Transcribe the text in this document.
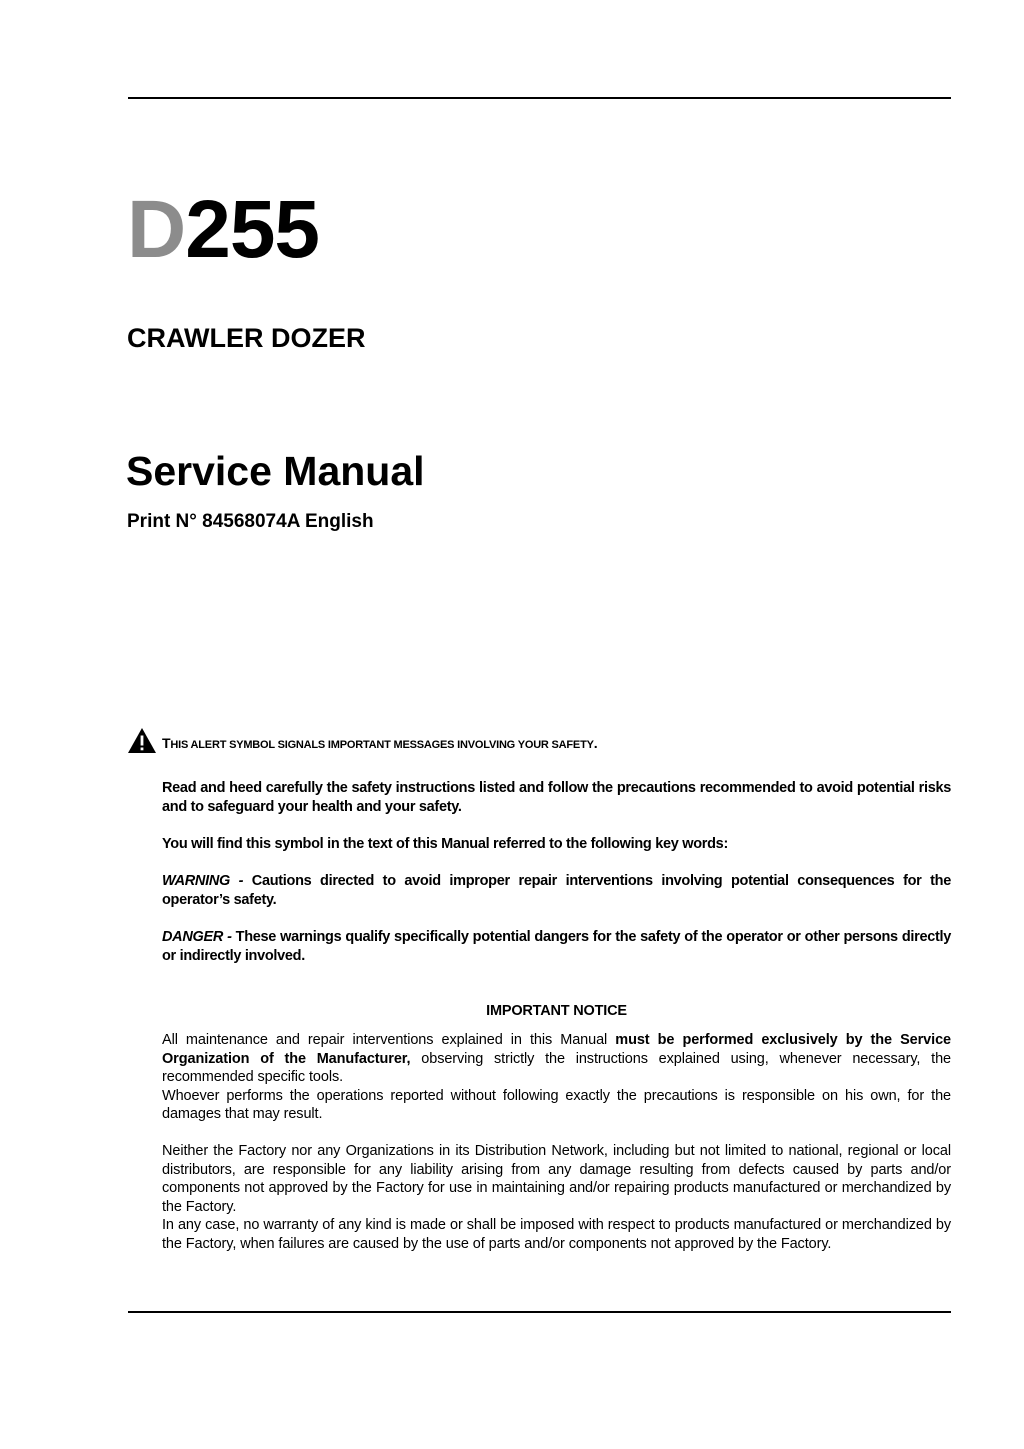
D255
CRAWLER DOZER
Service Manual
Print N° 84568074A English
THIS ALERT SYMBOL SIGNALS IMPORTANT MESSAGES INVOLVING YOUR SAFETY.
Read and heed carefully the safety instructions listed and follow the precautions recommended to avoid potential risks and to safeguard your health and your safety.
You will find this symbol in the text of this Manual referred to the following key words:
WARNING - Cautions directed to avoid improper repair interventions involving potential consequences for the operator’s safety.
DANGER - These warnings qualify specifically potential dangers for the safety of the operator or other persons directly or indirectly involved.
IMPORTANT NOTICE

All maintenance and repair interventions explained in this Manual must be performed exclusively by the Service Organization of the Manufacturer, observing strictly the instructions explained using, whenever necessary, the recommended specific tools.

Whoever performs the operations reported without following exactly the precautions is responsible on his own, for the damages that may result.

Neither the Factory nor any Organizations in its Distribution Network, including but not limited to national, regional or local distributors, are responsible for any liability arising from any damage resulting from defects caused by parts and/or components not approved by the Factory for use in maintaining and/or repairing products manufactured or merchandized by the Factory.

In any case, no warranty of any kind is made or shall be imposed with respect to products manufactured or merchandized by the Factory, when failures are caused by the use of parts and/or components not approved by the Factory.
